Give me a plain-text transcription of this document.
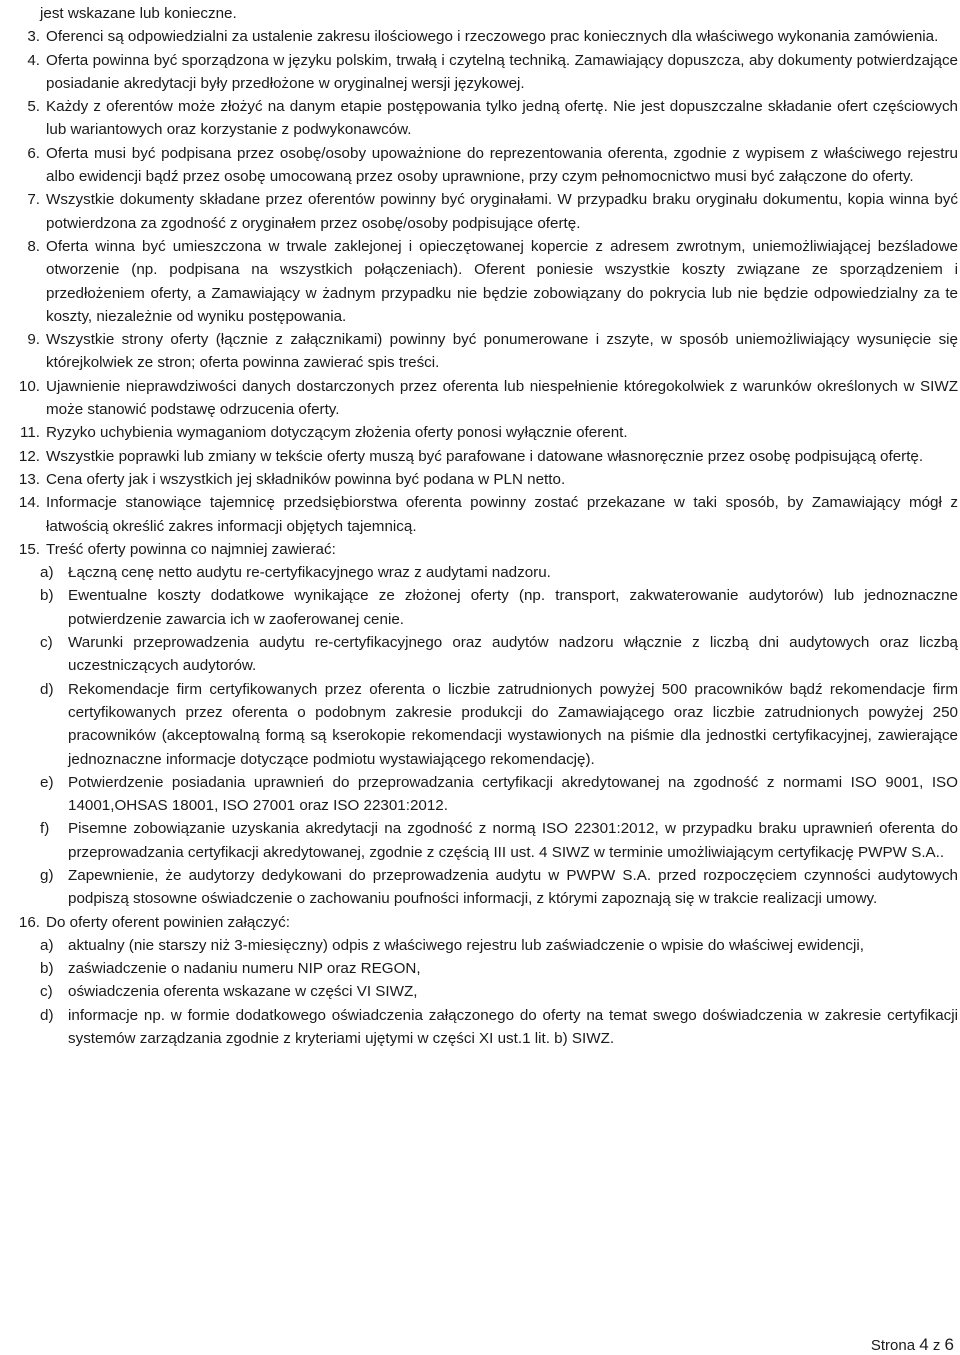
jest wskazane lub konieczne.
3. Oferenci są odpowiedzialni za ustalenie zakresu ilościowego i rzeczowego prac koniecznych dla właściwego wykonania zamówienia.
4. Oferta powinna być sporządzona w języku polskim, trwałą i czytelną techniką. Zamawiający dopuszcza, aby dokumenty potwierdzające posiadanie akredytacji były przedłożone w oryginalnej wersji językowej.
5. Każdy z oferentów może złożyć na danym etapie postępowania tylko jedną ofertę. Nie jest dopuszczalne składanie ofert częściowych lub wariantowych oraz korzystanie z podwykonawców.
6. Oferta musi być podpisana przez osobę/osoby upoważnione do reprezentowania oferenta, zgodnie z wypisem z właściwego rejestru albo ewidencji bądź przez osobę umocowaną przez osoby uprawnione, przy czym pełnomocnictwo musi być załączone do oferty.
7. Wszystkie dokumenty składane przez oferentów powinny być oryginałami. W przypadku braku oryginału dokumentu, kopia winna być potwierdzona za zgodność z oryginałem przez osobę/osoby podpisujące ofertę.
8. Oferta winna być umieszczona w trwale zaklejonej i opieczętowanej kopercie z adresem zwrotnym, uniemożliwiającej bezśladowe otworzenie (np. podpisana na wszystkich połączeniach). Oferent poniesie wszystkie koszty związane ze sporządzeniem i przedłożeniem oferty, a Zamawiający w żadnym przypadku nie będzie zobowiązany do pokrycia lub nie będzie odpowiedzialny za te koszty, niezależnie od wyniku postępowania.
9. Wszystkie strony oferty (łącznie z załącznikami) powinny być ponumerowane i zszyte, w sposób uniemożliwiający wysunięcie się którejkolwiek ze stron; oferta powinna zawierać spis treści.
10. Ujawnienie nieprawdziwości danych dostarczonych przez oferenta lub niespełnienie któregokolwiek z warunków określonych w SIWZ może stanowić podstawę odrzucenia oferty.
11. Ryzyko uchybienia wymaganiom dotyczącym złożenia oferty ponosi wyłącznie oferent.
12. Wszystkie poprawki lub zmiany w tekście oferty muszą być parafowane i datowane własnoręcznie przez osobę podpisującą ofertę.
13. Cena oferty jak i wszystkich jej składników powinna być podana w PLN netto.
14. Informacje stanowiące tajemnicę przedsiębiorstwa oferenta powinny zostać przekazane w taki sposób, by Zamawiający mógł z łatwością określić zakres informacji objętych tajemnicą.
15. Treść oferty powinna co najmniej zawierać:
a) Łączną cenę netto audytu re-certyfikacyjnego wraz z audytami nadzoru.
b) Ewentualne koszty dodatkowe wynikające ze złożonej oferty (np. transport, zakwaterowanie audytorów) lub jednoznaczne potwierdzenie zawarcia ich w zaoferowanej cenie.
c)	Warunki przeprowadzenia audytu re-certyfikacyjnego oraz audytów nadzoru włącznie z liczbą dni audytowych oraz liczbą uczestniczących audytorów.
d) Rekomendacje firm certyfikowanych przez oferenta o liczbie zatrudnionych powyżej 500 pracowników bądź rekomendacje firm certyfikowanych przez oferenta o podobnym zakresie produkcji do Zamawiającego oraz liczbie zatrudnionych powyżej 250 pracowników (akceptowalną formą są kserokopie rekomendacji wystawionych na piśmie dla jednostki certyfikacyjnej, zawierające jednoznaczne informacje dotyczące podmiotu wystawiającego rekomendację).
e) Potwierdzenie posiadania uprawnień do przeprowadzania certyfikacji akredytowanej na zgodność z normami ISO 9001, ISO 14001,OHSAS 18001, ISO 27001 oraz ISO 22301:2012.
f)	Pisemne zobowiązanie uzyskania akredytacji na zgodność z normą ISO 22301:2012, w przypadku braku uprawnień oferenta do przeprowadzania certyfikacji akredytowanej, zgodnie z częścią III ust. 4 SIWZ w terminie umożliwiającym certyfikację PWPW S.A..
g) Zapewnienie, że audytorzy dedykowani do przeprowadzenia audytu w PWPW S.A. przed rozpoczęciem czynności audytowych podpiszą stosowne oświadczenie o zachowaniu poufności informacji, z którymi zapoznają się w trakcie realizacji umowy.
16. Do oferty oferent powinien załączyć:
a) aktualny (nie starszy niż 3-miesięczny) odpis z właściwego rejestru lub zaświadczenie o wpisie do właściwej ewidencji,
b) zaświadczenie o nadaniu numeru NIP oraz REGON,
c)	oświadczenia oferenta wskazane w części VI SIWZ,
d) informacje np. w formie dodatkowego oświadczenia załączonego do oferty na temat swego doświadczenia w zakresie certyfikacji systemów zarządzania zgodnie z kryteriami ujętymi w części XI ust.1 lit. b) SIWZ.
Strona 4 z 6
